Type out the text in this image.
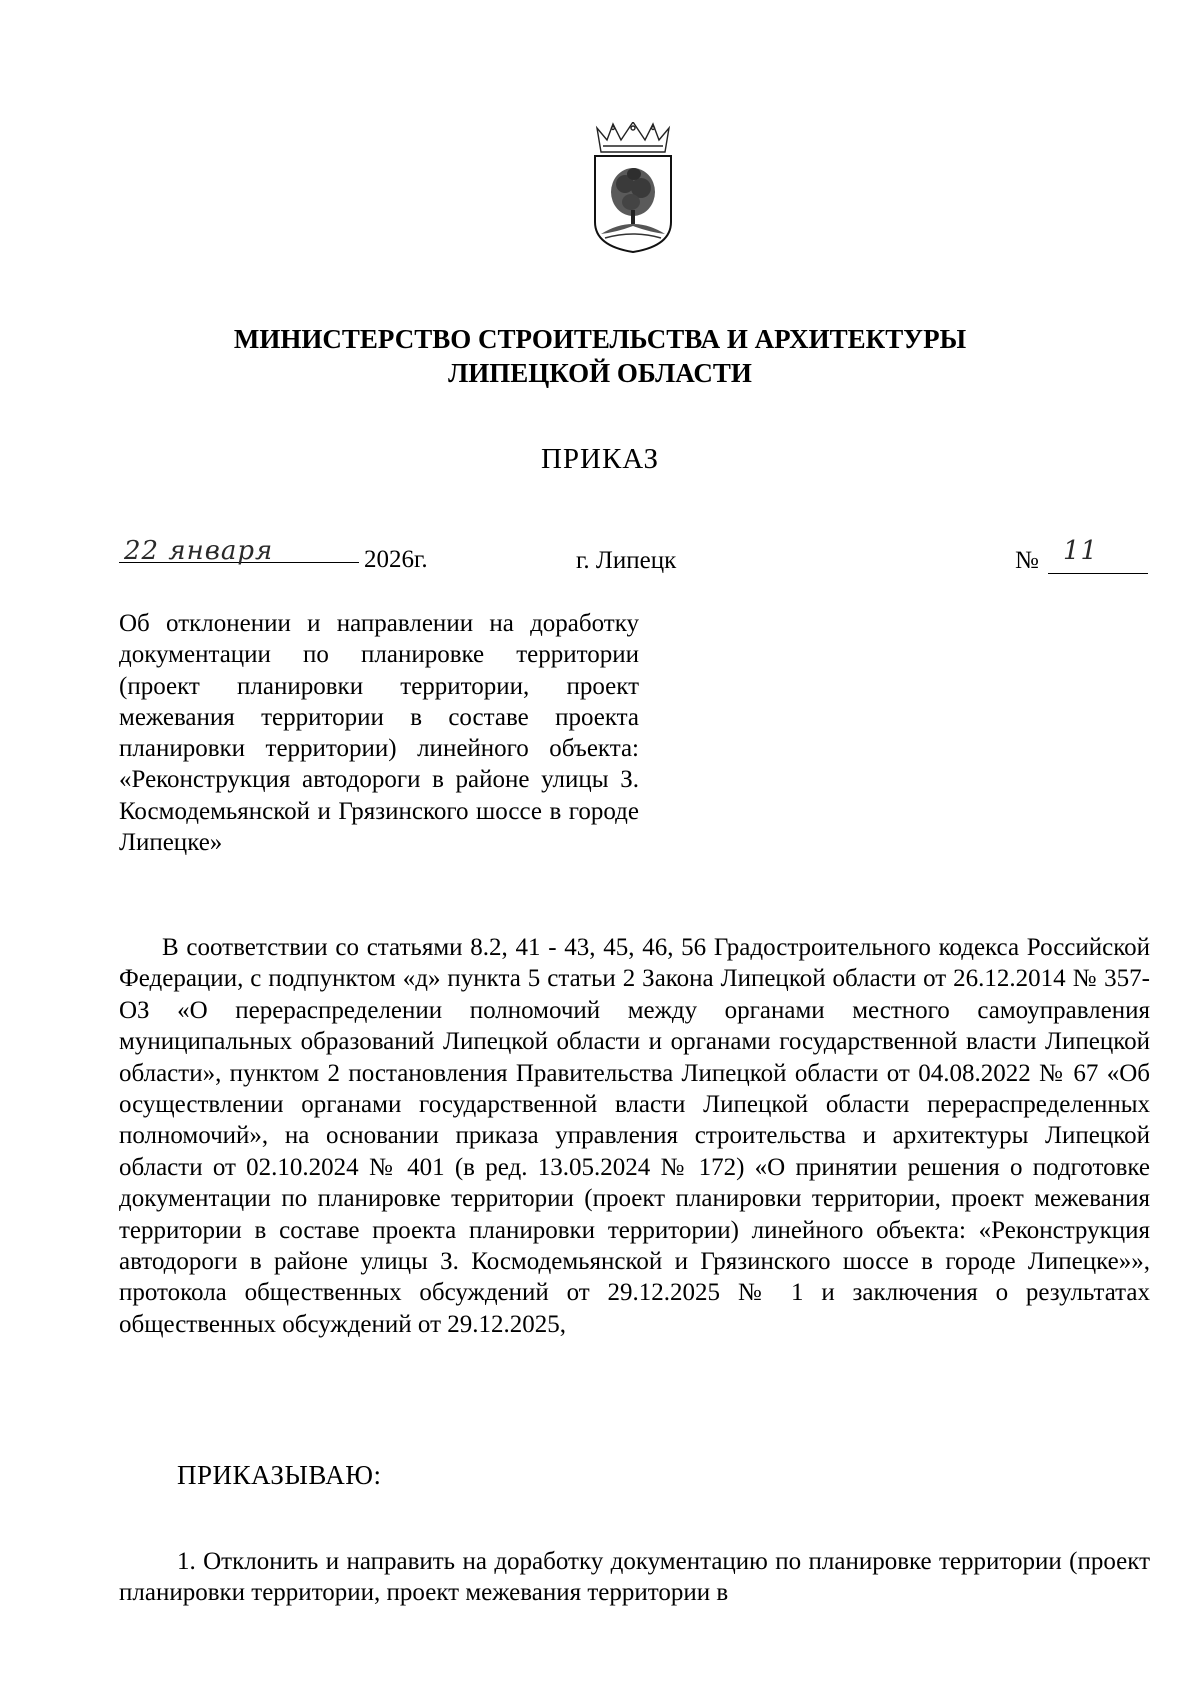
МИНИСТЕРСТВО СТРОИТЕЛЬСТВА И АРХИТЕКТУРЫ
ЛИПЕЦКОЙ ОБЛАСТИ
ПРИКАЗ
22 января	2026г.	г. Липецк	№ 11
Об отклонении и направлении на доработку документации по планировке территории (проект планировки территории, проект межевания территории в составе проекта планировки территории) линейного объекта: «Реконструкция автодороги в районе улицы З. Космодемьянской и Грязинского шоссе в городе Липецке»
В соответствии со статьями 8.2, 41 - 43, 45, 46, 56 Градостроительного кодекса Российской Федерации, с подпунктом «д» пункта 5 статьи 2 Закона Липецкой области от 26.12.2014 № 357-ОЗ «О перераспределении полномочий между органами местного самоуправления муниципальных образований Липецкой области и органами государственной власти Липецкой области», пунктом 2 постановления Правительства Липецкой области от 04.08.2022 № 67 «Об осуществлении органами государственной власти Липецкой области перераспределенных полномочий», на основании приказа управления строительства и архитектуры Липецкой области от 02.10.2024 № 401 (в ред. 13.05.2024 № 172) «О принятии решения о подготовке документации по планировке территории (проект планировки территории, проект межевания территории в составе проекта планировки территории) линейного объекта: «Реконструкция автодороги в районе улицы З. Космодемьянской и Грязинского шоссе в городе Липецке»», протокола общественных обсуждений от 29.12.2025 № 1 и заключения о результатах общественных обсуждений от 29.12.2025,
ПРИКАЗЫВАЮ:
1. Отклонить и направить на доработку документацию по планировке территории (проект планировки территории, проект межевания территории в
